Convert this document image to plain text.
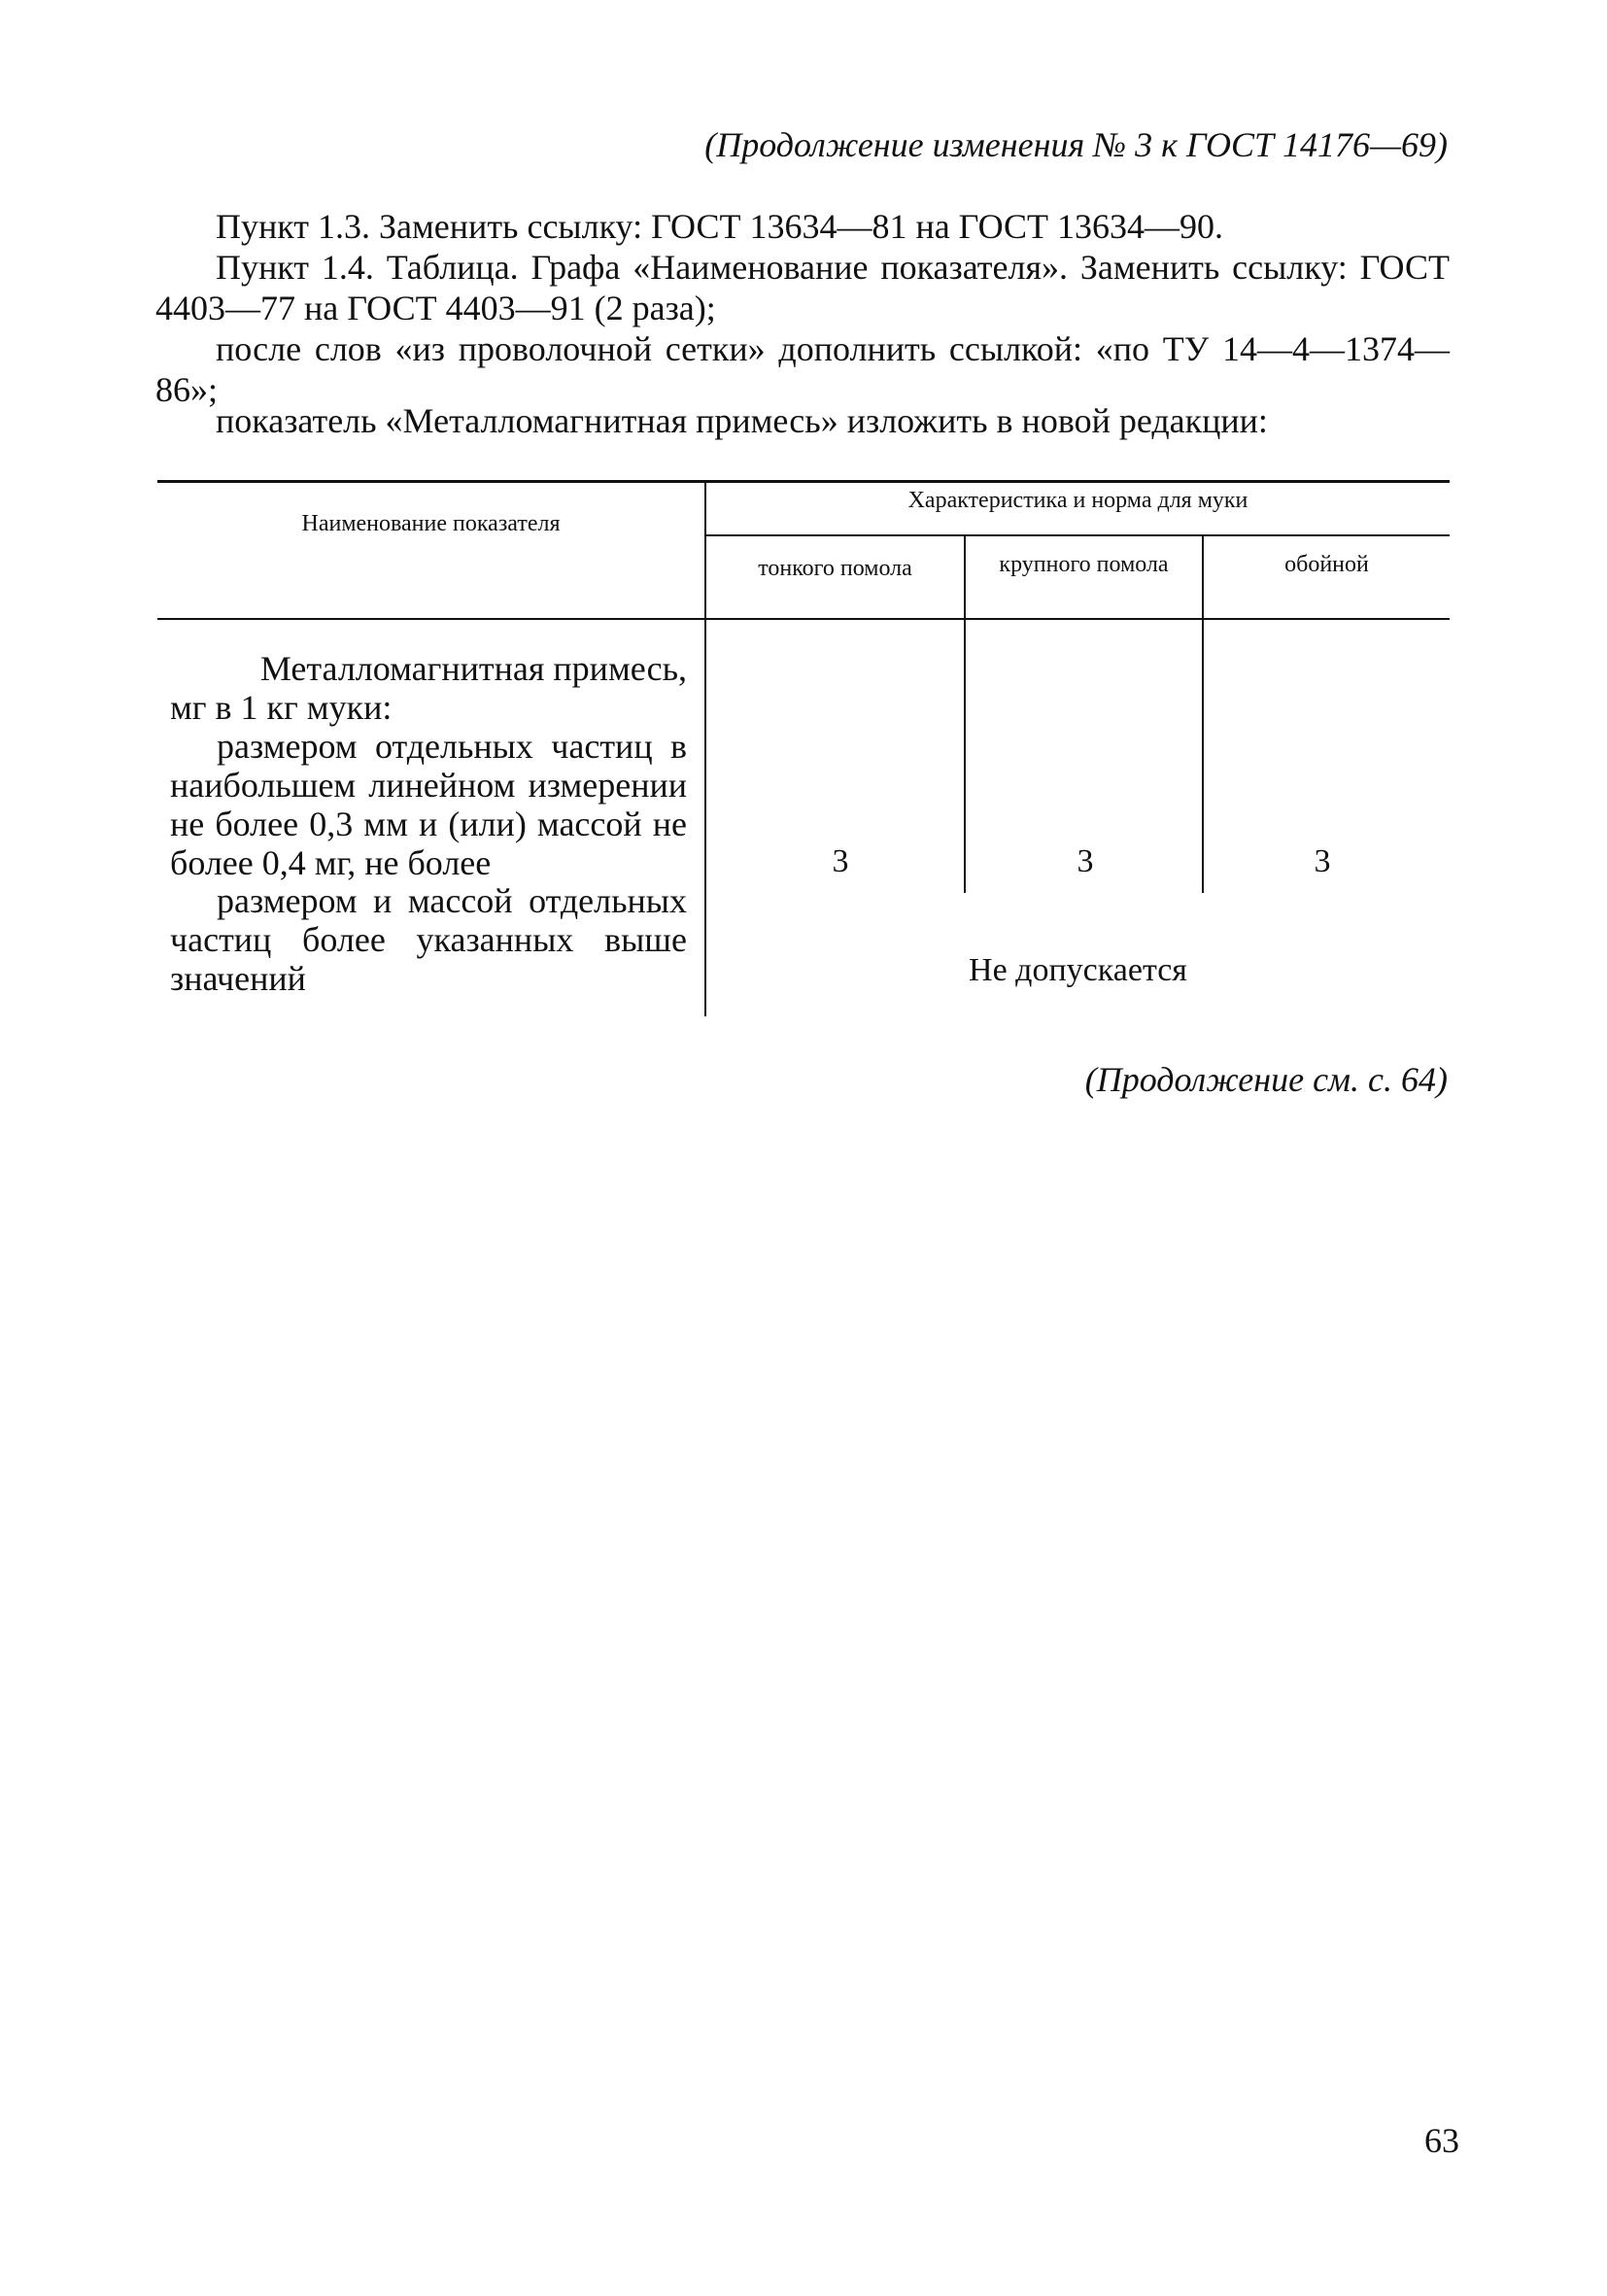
(Продолжение изменения № 3 к ГОСТ 14176—69)
Пункт 1.3. Заменить ссылку: ГОСТ 13634—81 на ГОСТ 13634—90.
Пункт 1.4. Таблица. Графа «Наименование показателя». Заменить ссылку: ГОСТ 4403—77 на ГОСТ 4403—91 (2 раза);
после слов «из проволочной сетки» дополнить ссылкой: «по ТУ 14—4—1374—86»;
показатель «Металломагнитная примесь» изложить в новой редакции:
Наименование показателя
Характеристика и норма для муки
тонкого помола	крупного помола	обойной
Металломагнитная примесь,
мг в 1 кг муки:
размером отдельных частиц в наибольшем линейном измерении не более 0,3 мм и (или) массой не более 0,4 мг, не более
размером и массой отдельных частиц более указанных выше значений
3	3	3
Не допускается
(Продолжение см. с. 64)
63
